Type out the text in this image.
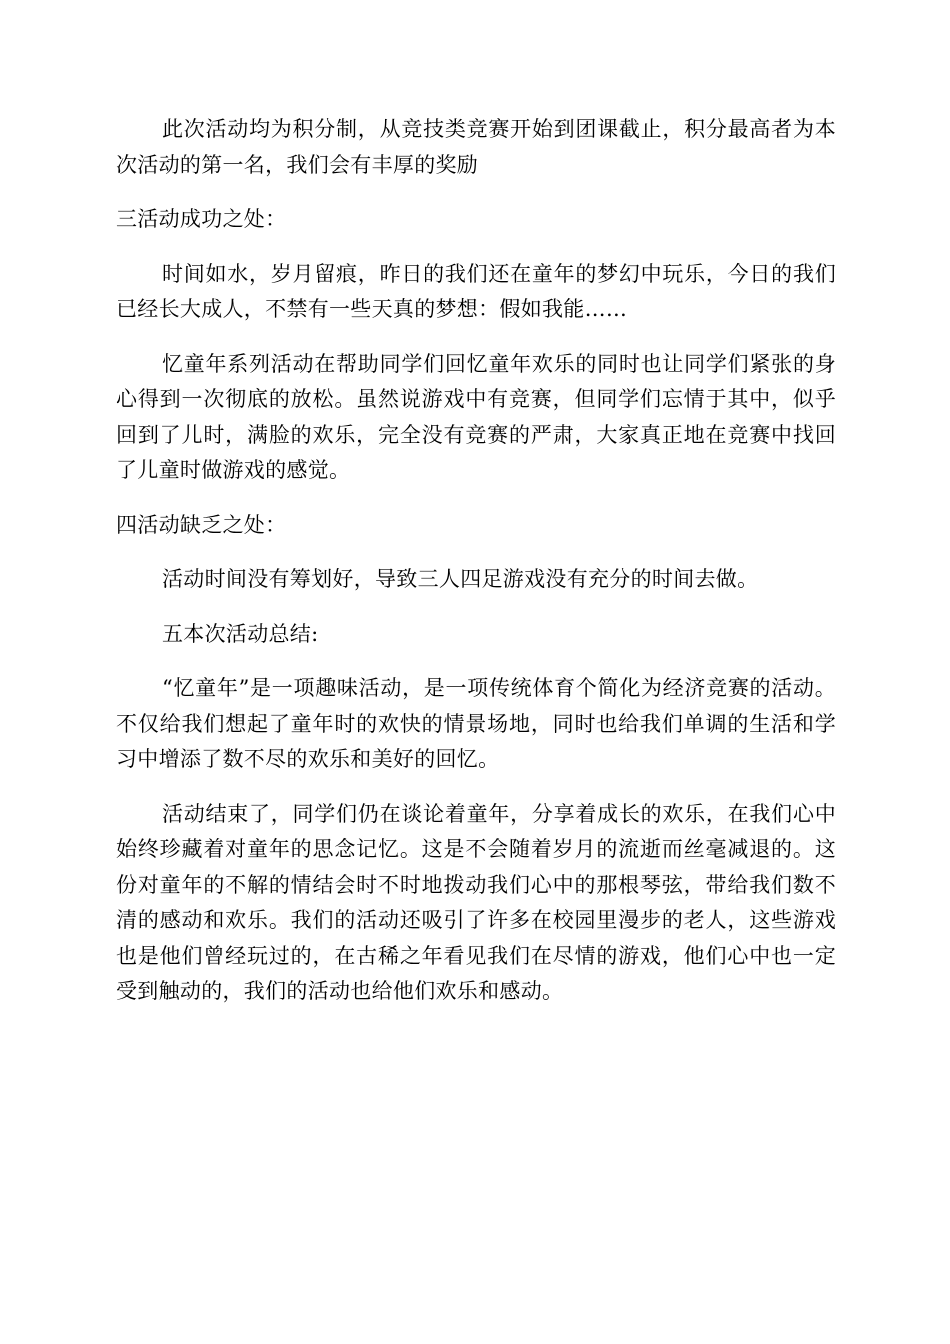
此次活动均为积分制，从竞技类竞赛开始到团课截止，积分最高者为本次活动的第一名，我们会有丰厚的奖励

三活动成功之处：

时间如水，岁月留痕，昨日的我们还在童年的梦幻中玩乐，今日的我们已经长大成人，不禁有一些天真的梦想：假如我能……

忆童年系列活动在帮助同学们回忆童年欢乐的同时也让同学们紧张的身心得到一次彻底的放松。虽然说游戏中有竞赛，但同学们忘情于其中，似乎回到了儿时，满脸的欢乐，完全没有竞赛的严肃，大家真正地在竞赛中找回了儿童时做游戏的感觉。

四活动缺乏之处：

活动时间没有筹划好，导致三人四足游戏没有充分的时间去做。

五本次活动总结:

“忆童年”是一项趣味活动，是一项传统体育个简化为经济竞赛的活动。不仅给我们想起了童年时的欢快的情景场地，同时也给我们单调的生活和学习中增添了数不尽的欢乐和美好的回忆。

活动结束了，同学们仍在谈论着童年，分享着成长的欢乐，在我们心中始终珍藏着对童年的思念记忆。这是不会随着岁月的流逝而丝毫减退的。这份对童年的不解的情结会时不时地拨动我们心中的那根琴弦，带给我们数不清的感动和欢乐。我们的活动还吸引了许多在校园里漫步的老人，这些游戏也是他们曾经玩过的，在古稀之年看见我们在尽情的游戏，他们心中也一定受到触动的，我们的活动也给他们欢乐和感动。
